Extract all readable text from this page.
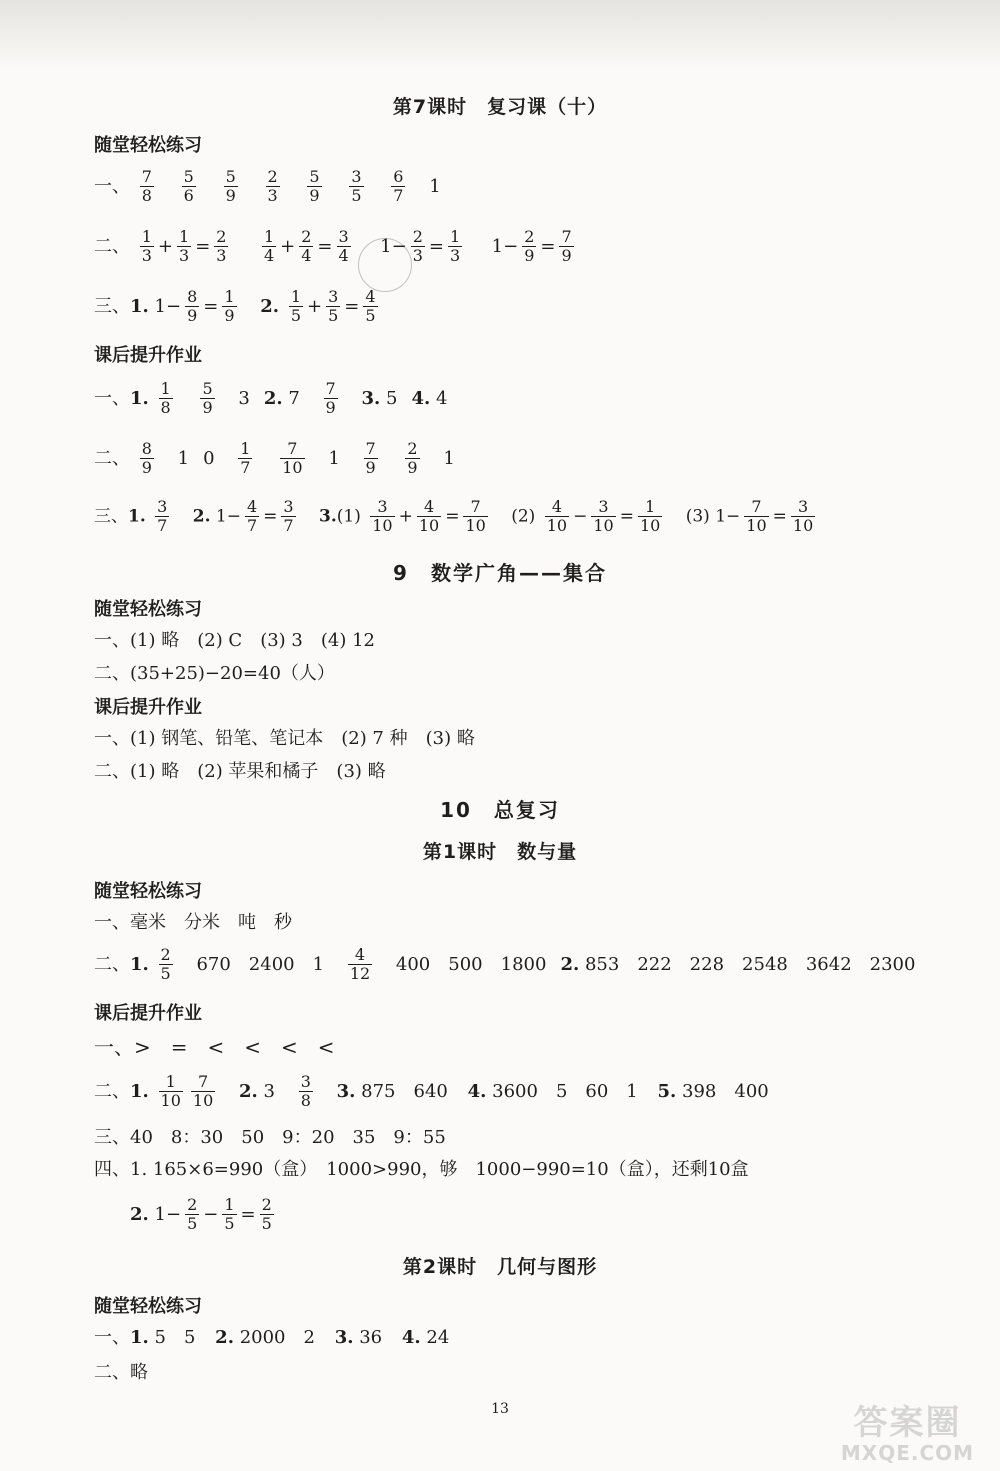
第7课时　复习课（十）
随堂轻松练习
一、 $\frac{7}{8}$
$\frac{5}{6}$
$\frac{5}{9}$
$\frac{2}{3}$
$\frac{5}{9}$
$\frac{3}{5}$
$\frac{6}{7} 1$
二、 $\frac{1}{3} + \frac{1}{3} = \frac{2}{3}$
$\frac{1}{4} + \frac{2}{4} = \frac{3}{4} 1- \frac{2}{3} = \frac{1}{3} 1- \frac{2}{9} = \frac{7}{9}$
三、1. $1- \frac{8}{9} = \frac{1}{9} 2$. $\frac{1}{5} + \frac{3}{5} = \frac{4}{5}$
课后提升作业
一、1. $\frac{1}{8}$
$\frac{5}{9} 3$ 2. $7 \frac{7}{9} 3$. 5 4. 4
二、 $\frac{8}{9} 1$ $0 \frac{1}{7}$
$\frac{7}{10} 1 \frac{7}{9}$
$\frac{2}{9} 1$
三、1. $\frac{3}{7} 2$. $1- \frac{4}{7} = \frac{3}{7} 3.(1) \frac{3}{10} + \frac{4}{10} = \frac{7}{10} (2) \frac{4}{10} - \frac{3}{10} = \frac{1}{10} (3)$ $1- \frac{7}{10} = \frac{3}{10}$
9　数学广角——集合
随堂轻松练习
一、(1) 略　(2) C　(3) 3　(4) 12
二、(35+25)−20=40（人）
课后提升作业
一、(1) 钢笔、铅笔、笔记本　(2) 7 种　(3) 略
二、(1) 略　(2) 苹果和橘子　(3) 略
10　总复习
第1课时　数与量
随堂轻松练习
一、毫米　分米　吨　秒
二、1. $\frac{2}{5} 670$　2400　$1 \frac{4}{12} 400$　500　1800 2. 853　222　228　2548　3642　2300
课后提升作业
一、>　=　<　<　<　<
二、1. $\frac{1}{10} \frac{7}{10} 2$. $3 \frac{3}{8} 3$. 875　640 4. 3600　5　60　1 5. 398　400
三、40　8：30　50　9：20　35　9：55
四、1. 165×6=990（盒）　1000>990，够　1000−990=10（盒），还剩10盒
2. $1- \frac{2}{5} - \frac{1}{5} = \frac{2}{5}$
第2课时　几何与图形
随堂轻松练习
一、1. 5　5 2. 2000　2 3. 36 4. 24
二、略
13	答案圈
MXQE.COM
